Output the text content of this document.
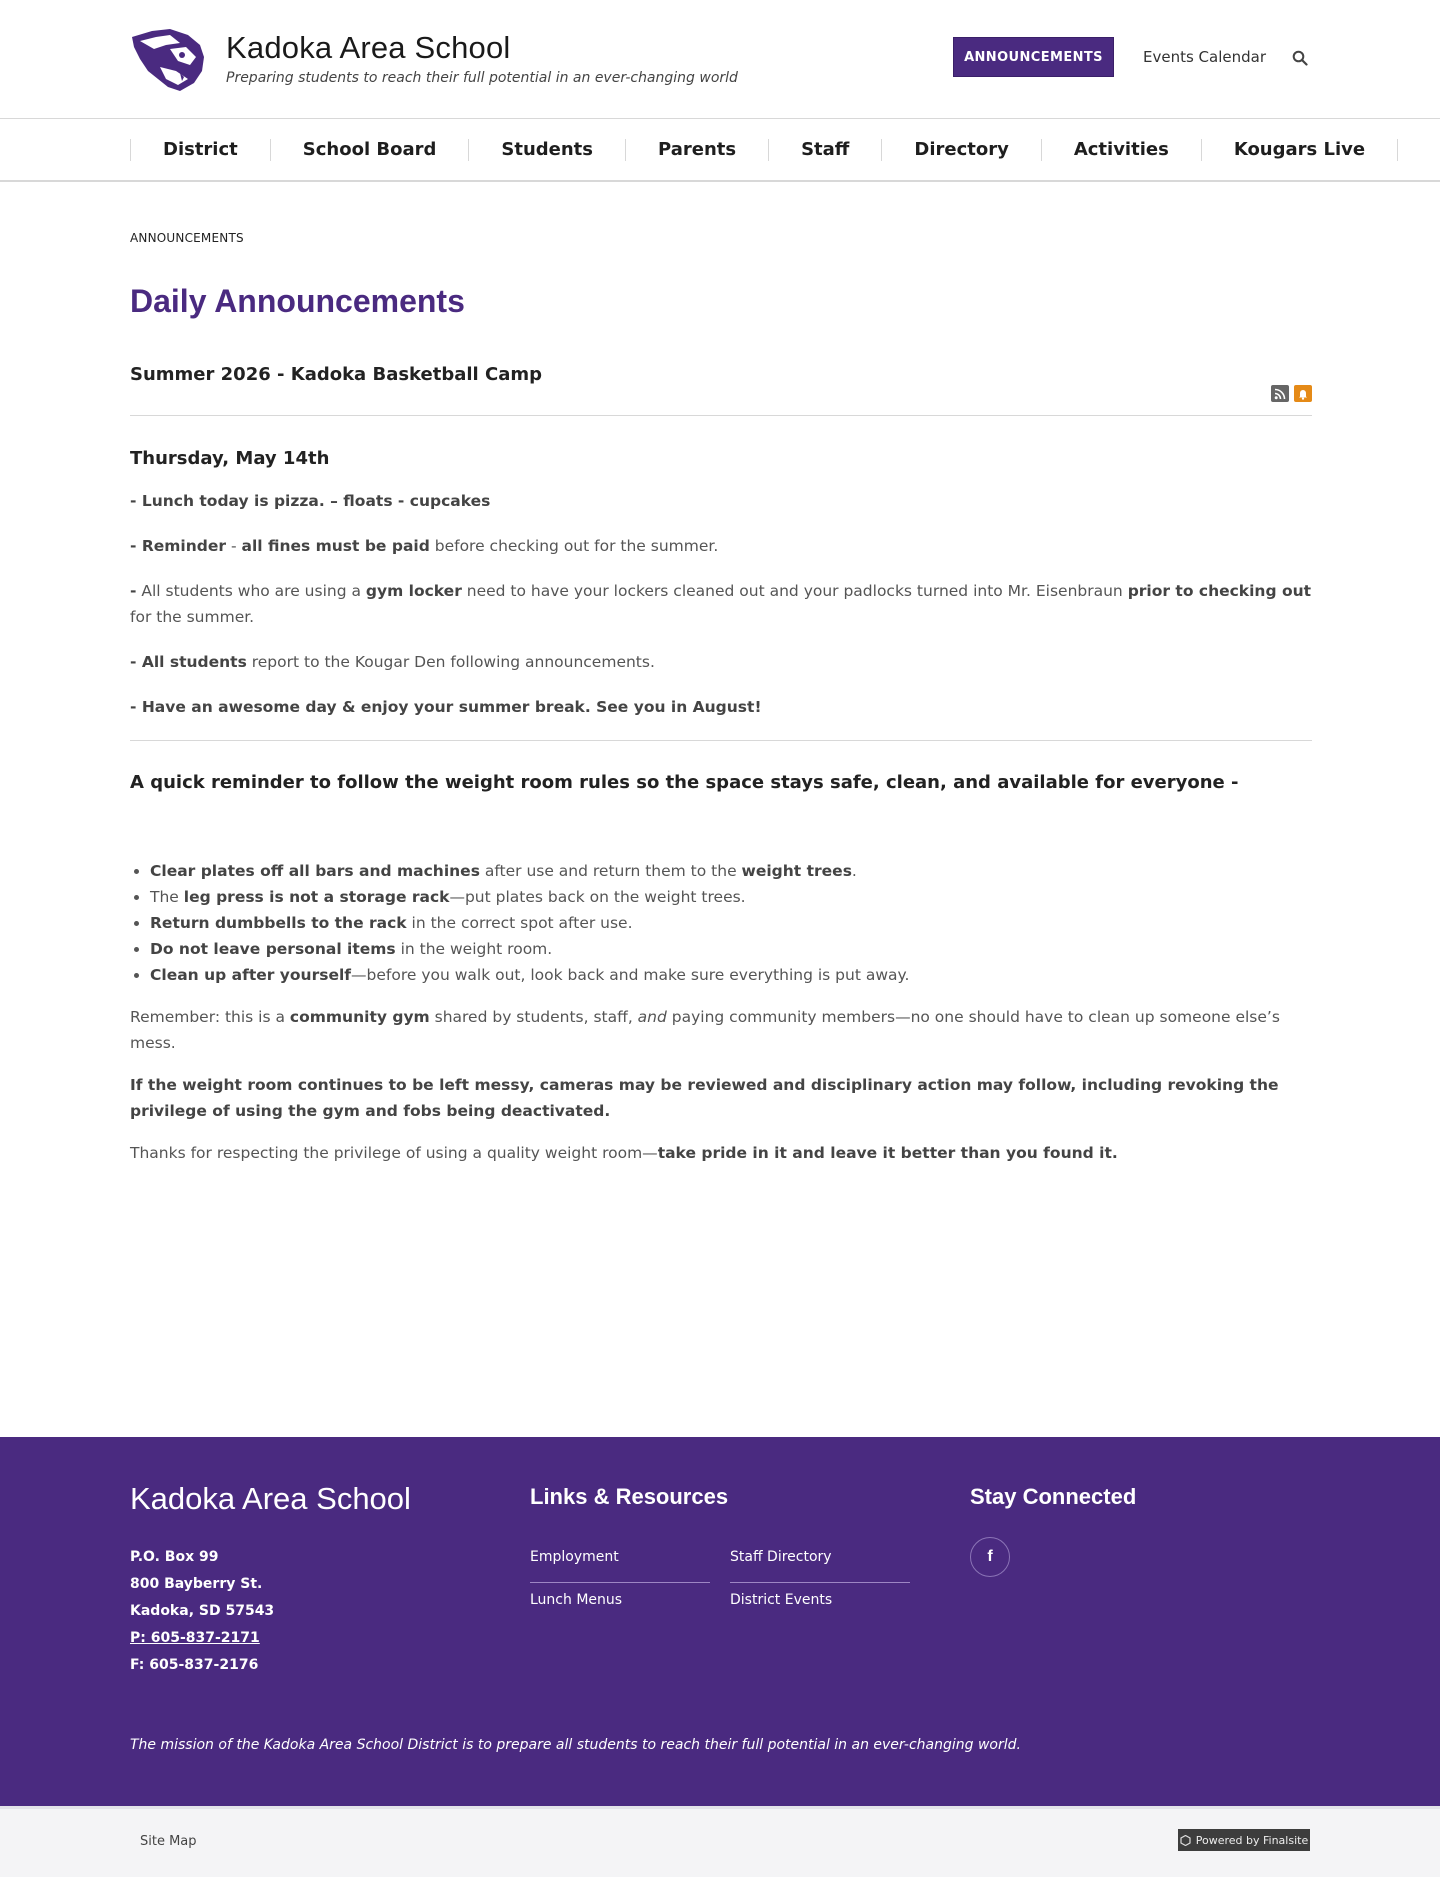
Kadoka Area School
Preparing students to reach their full potential in an ever-changing world
ANNOUNCEMENTS	Events Calendar
District	School Board	Students	Parents	Staff	Directory	Activities	Kougars Live
ANNOUNCEMENTS
Daily Announcements
Summer 2026 - Kadoka Basketball Camp
Thursday, May 14th

- Lunch today is pizza. – floats - cupcakes

- Reminder - all fines must be paid before checking out for the summer.

- All students who are using a gym locker need to have your lockers cleaned out and your padlocks turned into Mr. Eisenbraun prior to checking out for the summer.

- All students report to the Kougar Den following announcements.

- Have an awesome day & enjoy your summer break. See you in August!

A quick reminder to follow the weight room rules so the space stays safe, clean, and available for everyone -
• Clear plates off all bars and machines after use and return them to the weight trees.
• The leg press is not a storage rack—put plates back on the weight trees.
• Return dumbbells to the rack in the correct spot after use.
• Do not leave personal items in the weight room.
• Clean up after yourself—before you walk out, look back and make sure everything is put away.

Remember: this is a community gym shared by students, staff, and paying community members—no one should have to clean up someone else’s mess.

If the weight room continues to be left messy, cameras may be reviewed and disciplinary action may follow, including revoking the privilege of using the gym and fobs being deactivated.

Thanks for respecting the privilege of using a quality weight room—take pride in it and leave it better than you found it.

Kadoka Area School
P.O. Box 99
800 Bayberry St.
Kadoka, SD 57543
P: 605-837-2171
F: 605-837-2176
Links & Resources
Employment	Staff Directory
Lunch Menus	District Events
Stay Connected
f
The mission of the Kadoka Area School District is to prepare all students to reach their full potential in an ever-changing world.
Site Map	Powered by Finalsite
